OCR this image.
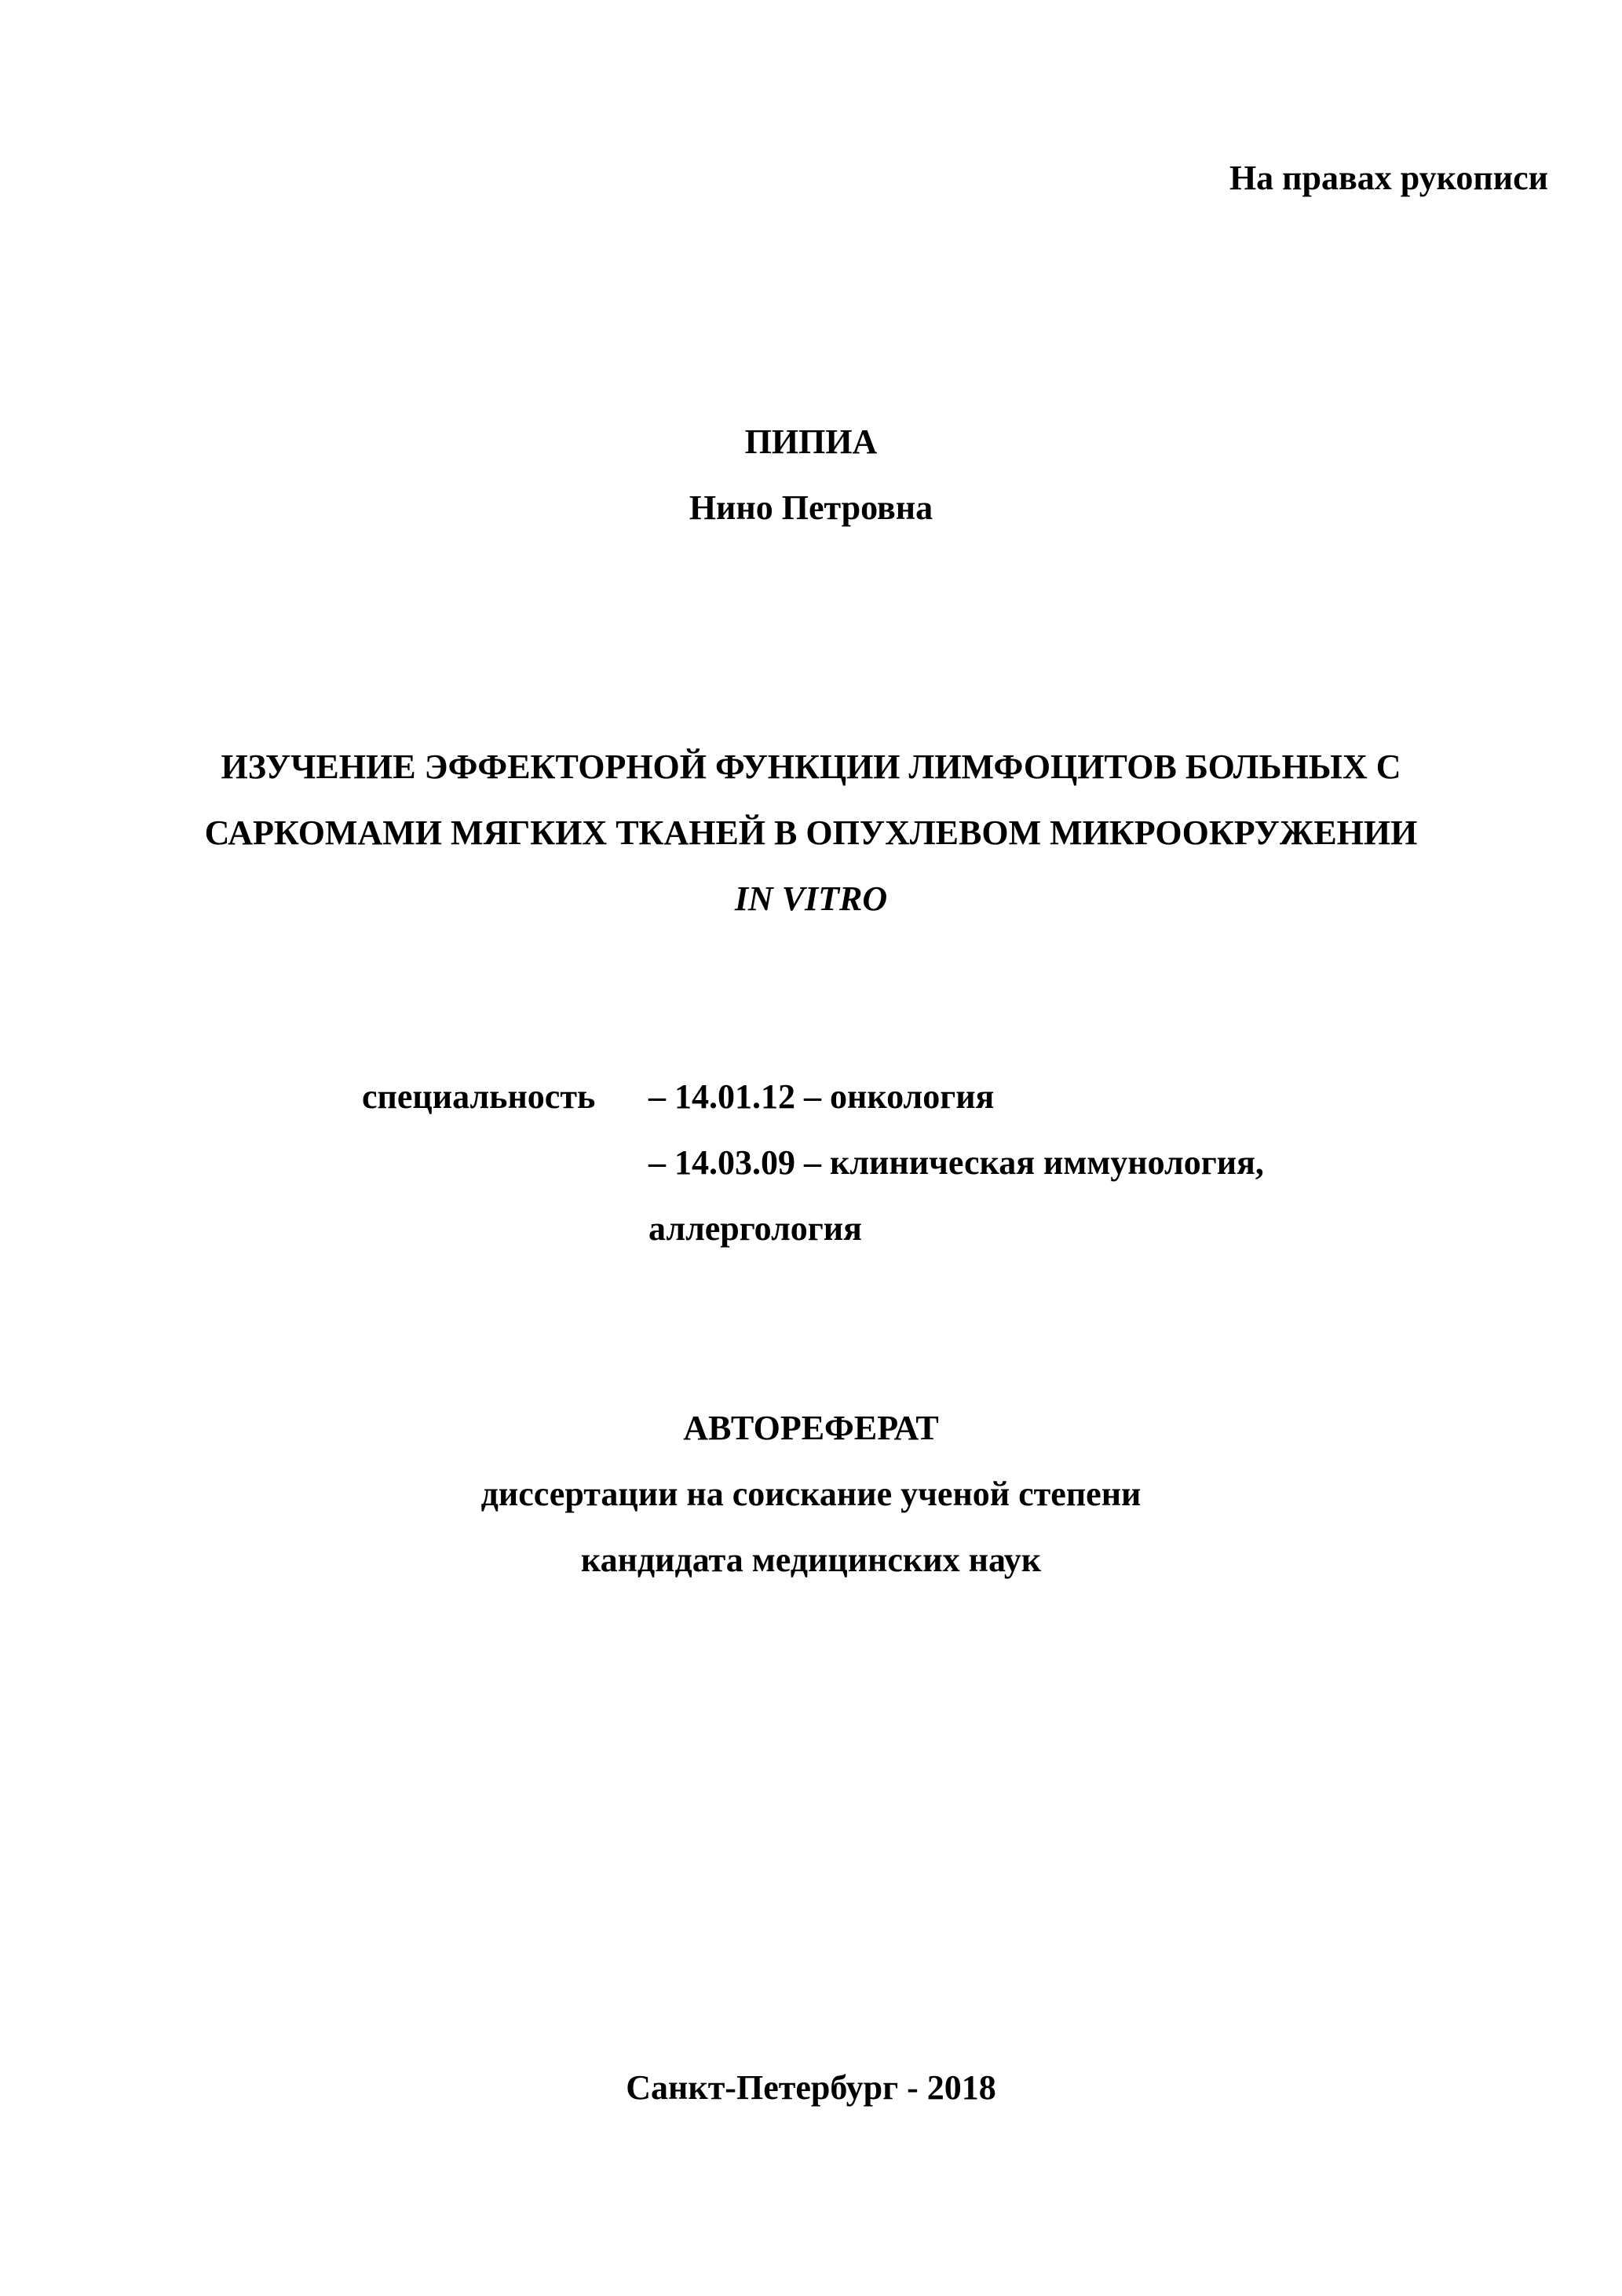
На правах рукописи
ПИПИА
Нино Петровна
ИЗУЧЕНИЕ ЭФФЕКТОРНОЙ ФУНКЦИИ ЛИМФОЦИТОВ БОЛЬНЫХ С
САРКОМАМИ МЯГКИХ ТКАНЕЙ В ОПУХЛЕВОМ МИКРООКРУЖЕНИИ
IN VITRO
специальность – 14.01.12 – онкология
– 14.03.09 – клиническая иммунология,
аллергология
АВТОРЕФЕРАТ
диссертации на соискание ученой степени
кандидата медицинских наук
Санкт-Петербург - 2018
